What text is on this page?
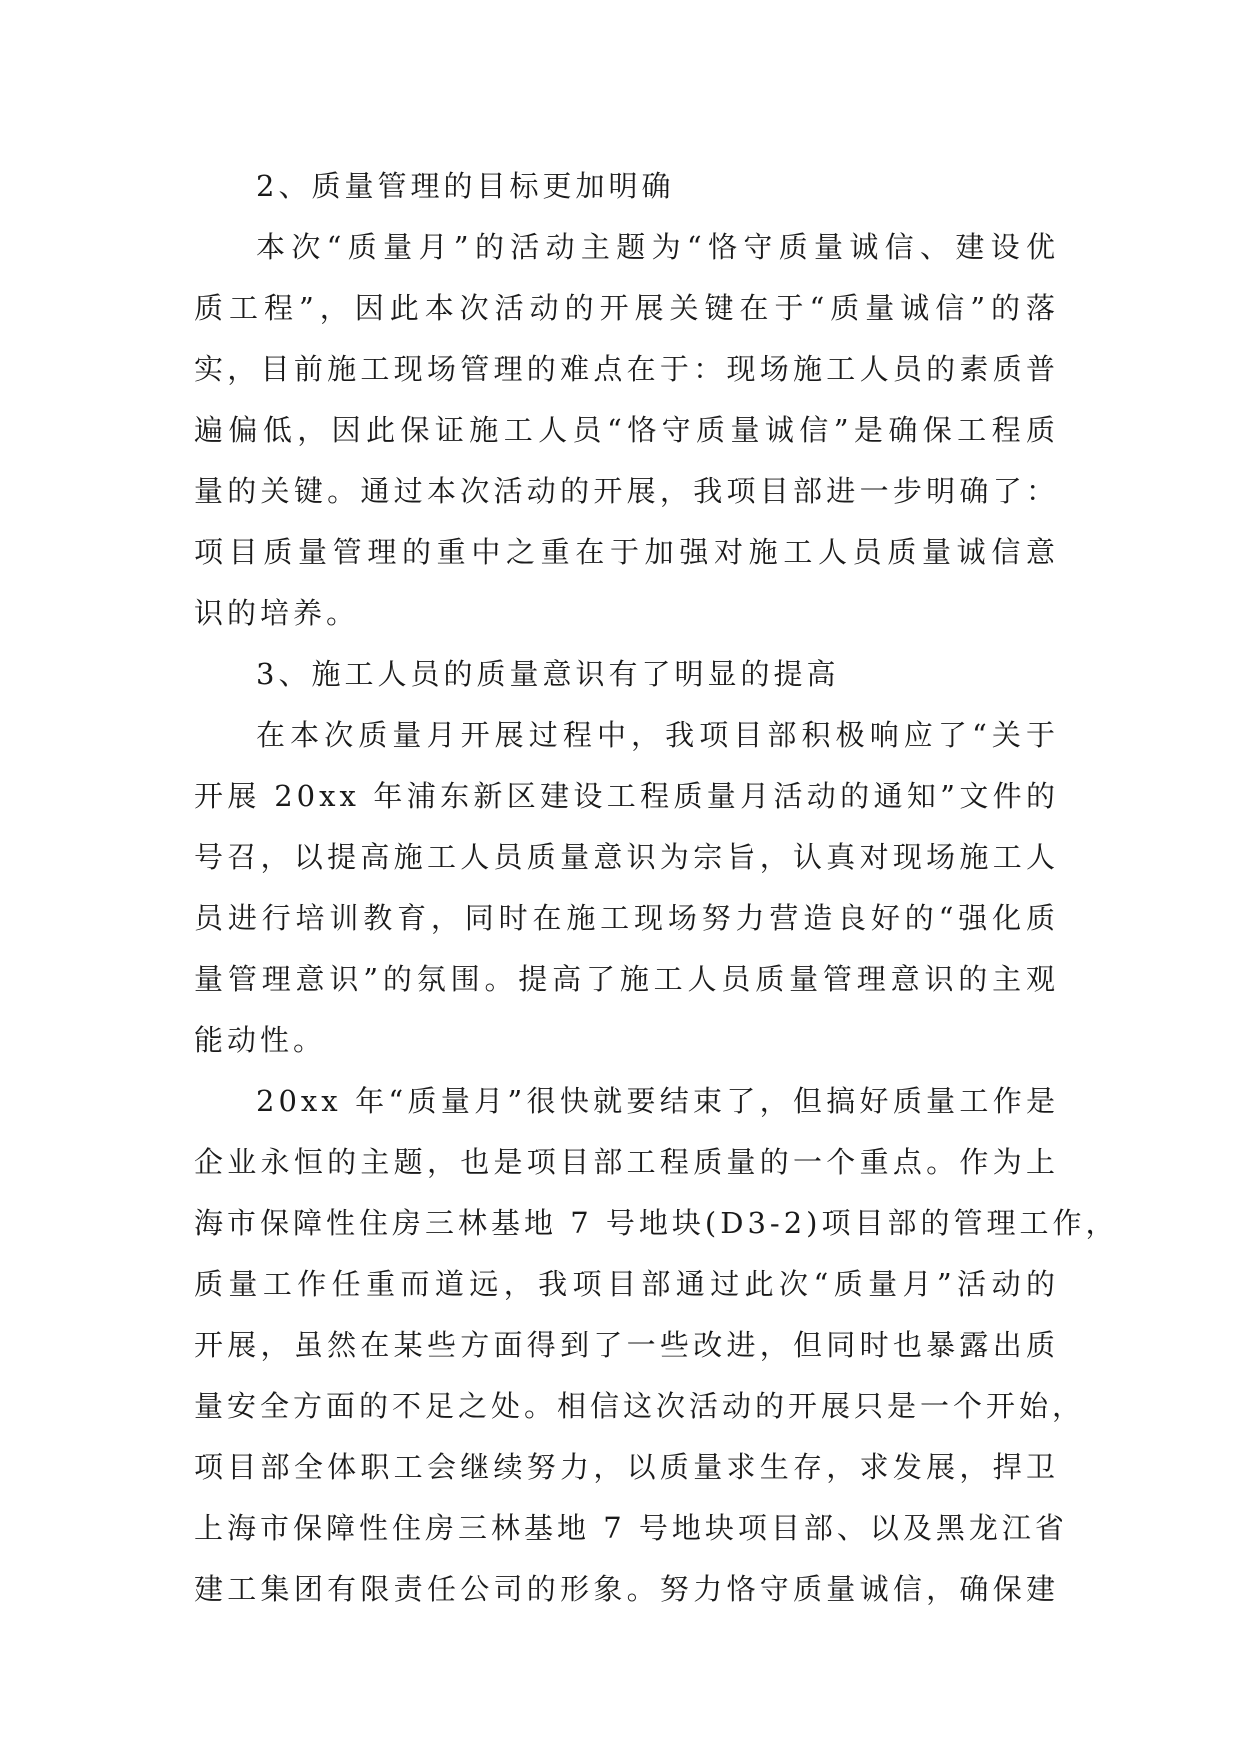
2、质量管理的目标更加明确
本次“质量月”的活动主题为“恪守质量诚信、建设优
质工程”，因此本次活动的开展关键在于“质量诚信”的落
实，目前施工现场管理的难点在于：现场施工人员的素质普
遍偏低，因此保证施工人员“恪守质量诚信”是确保工程质
量的关键。通过本次活动的开展，我项目部进一步明确了：
项目质量管理的重中之重在于加强对施工人员质量诚信意
识的培养。
3、施工人员的质量意识有了明显的提高
在本次质量月开展过程中，我项目部积极响应了“关于
开展 20xx 年浦东新区建设工程质量月活动的通知”文件的
号召，以提高施工人员质量意识为宗旨，认真对现场施工人
员进行培训教育，同时在施工现场努力营造良好的“强化质
量管理意识”的氛围。提高了施工人员质量管理意识的主观
能动性。
20xx 年“质量月”很快就要结束了，但搞好质量工作是
企业永恒的主题，也是项目部工程质量的一个重点。作为上
海市保障性住房三林基地 7 号地块(D3-2)项目部的管理工作，
质量工作任重而道远，我项目部通过此次“质量月”活动的
开展，虽然在某些方面得到了一些改进，但同时也暴露出质
量安全方面的不足之处。相信这次活动的开展只是一个开始，
项目部全体职工会继续努力，以质量求生存，求发展，捍卫
上海市保障性住房三林基地 7 号地块项目部、以及黑龙江省
建工集团有限责任公司的形象。努力恪守质量诚信，确保建
